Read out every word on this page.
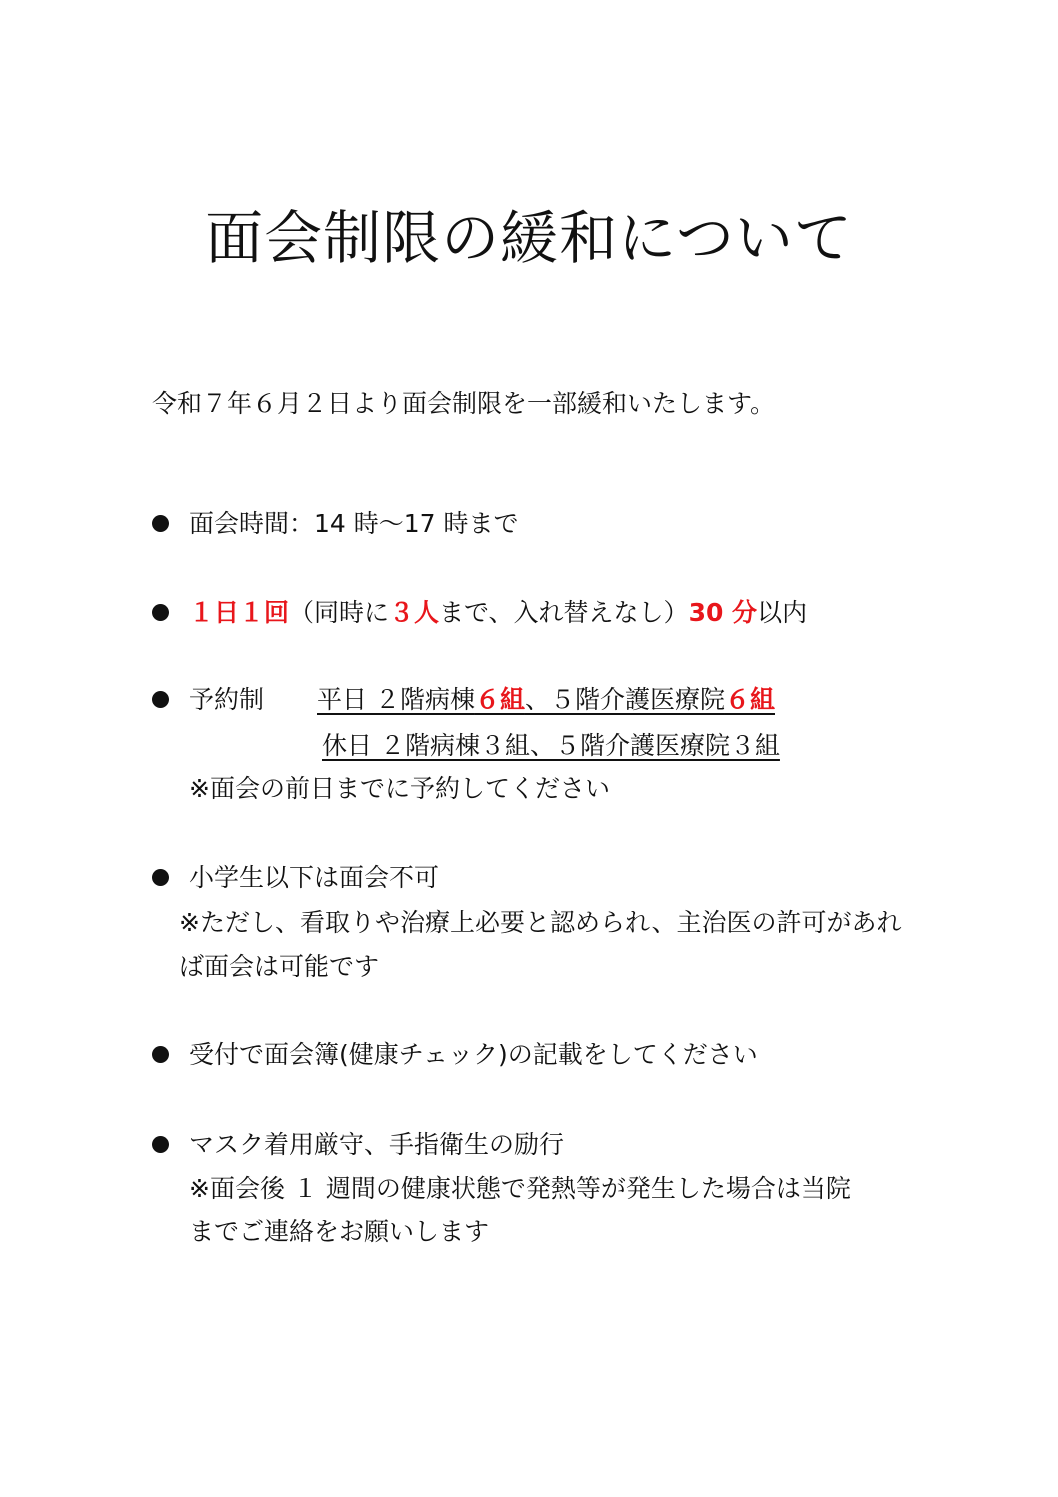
面会制限の緩和について
令和７年６月２日より面会制限を一部緩和いたします。
面会時間：14 時～17 時まで
１日１回（同時に３人まで、入れ替えなし）30 分以内
予約制 平日 ２階病棟６組、５階介護医療院６組
休日 ２階病棟３組、５階介護医療院３組
※面会の前日までに予約してください
小学生以下は面会不可
※ただし、看取りや治療上必要と認められ、主治医の許可があれ
ば面会は可能です
受付で面会簿(健康チェック)の記載をしてください
マスク着用厳守、手指衛生の励行
※面会後 １ 週間の健康状態で発熱等が発生した場合は当院
までご連絡をお願いします
